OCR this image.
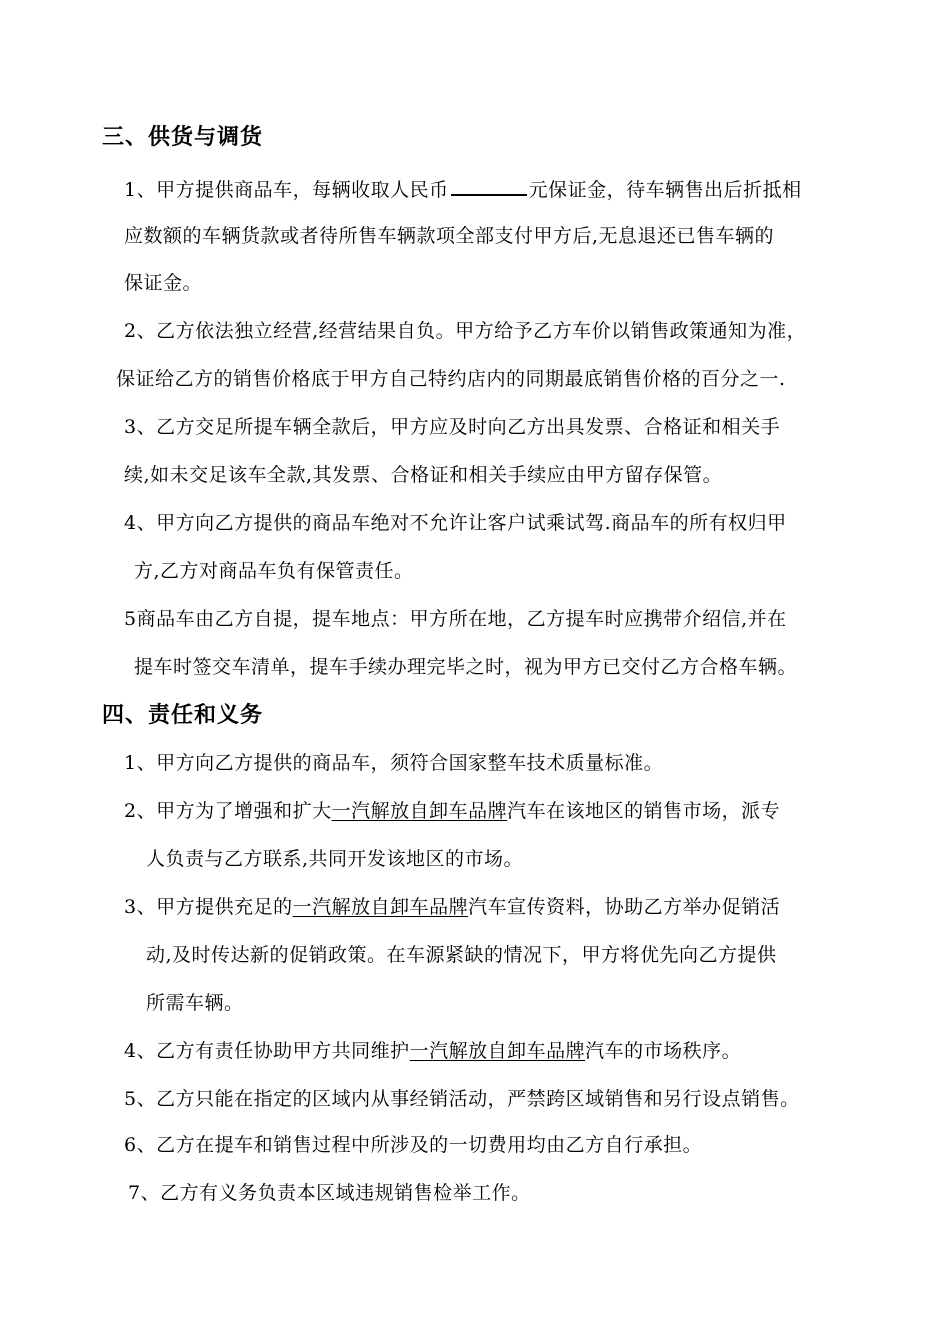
三、供货与调货
1、甲方提供商品车，每辆收取人民币	元保证金，待车辆售出后折抵相
应数额的车辆货款或者待所售车辆款项全部支付甲方后,无息退还已售车辆的
保证金。
2、乙方依法独立经营,经营结果自负。甲方给予乙方车价以销售政策通知为准，
保证给乙方的销售价格底于甲方自己特约店内的同期最底销售价格的百分之一.
3、乙方交足所提车辆全款后，甲方应及时向乙方出具发票、合格证和相关手
续,如未交足该车全款,其发票、合格证和相关手续应由甲方留存保管。
4、甲方向乙方提供的商品车绝对不允许让客户试乘试驾.商品车的所有权归甲
方,乙方对商品车负有保管责任。
5商品车由乙方自提，提车地点：甲方所在地，乙方提车时应携带介绍信,并在
提车时签交车清单，提车手续办理完毕之时，视为甲方已交付乙方合格车辆。
四、责任和义务
1、甲方向乙方提供的商品车，须符合国家整车技术质量标准。
2、甲方为了增强和扩大一汽解放自卸车品牌汽车在该地区的销售市场，派专
人负责与乙方联系,共同开发该地区的市场。
3、甲方提供充足的一汽解放自卸车品牌汽车宣传资料，协助乙方举办促销活
动,及时传达新的促销政策。在车源紧缺的情况下，甲方将优先向乙方提供
所需车辆。
4、乙方有责任协助甲方共同维护一汽解放自卸车品牌汽车的市场秩序。
5、乙方只能在指定的区域内从事经销活动，严禁跨区域销售和另行设点销售。
6、乙方在提车和销售过程中所涉及的一切费用均由乙方自行承担。
7、乙方有义务负责本区域违规销售检举工作。
